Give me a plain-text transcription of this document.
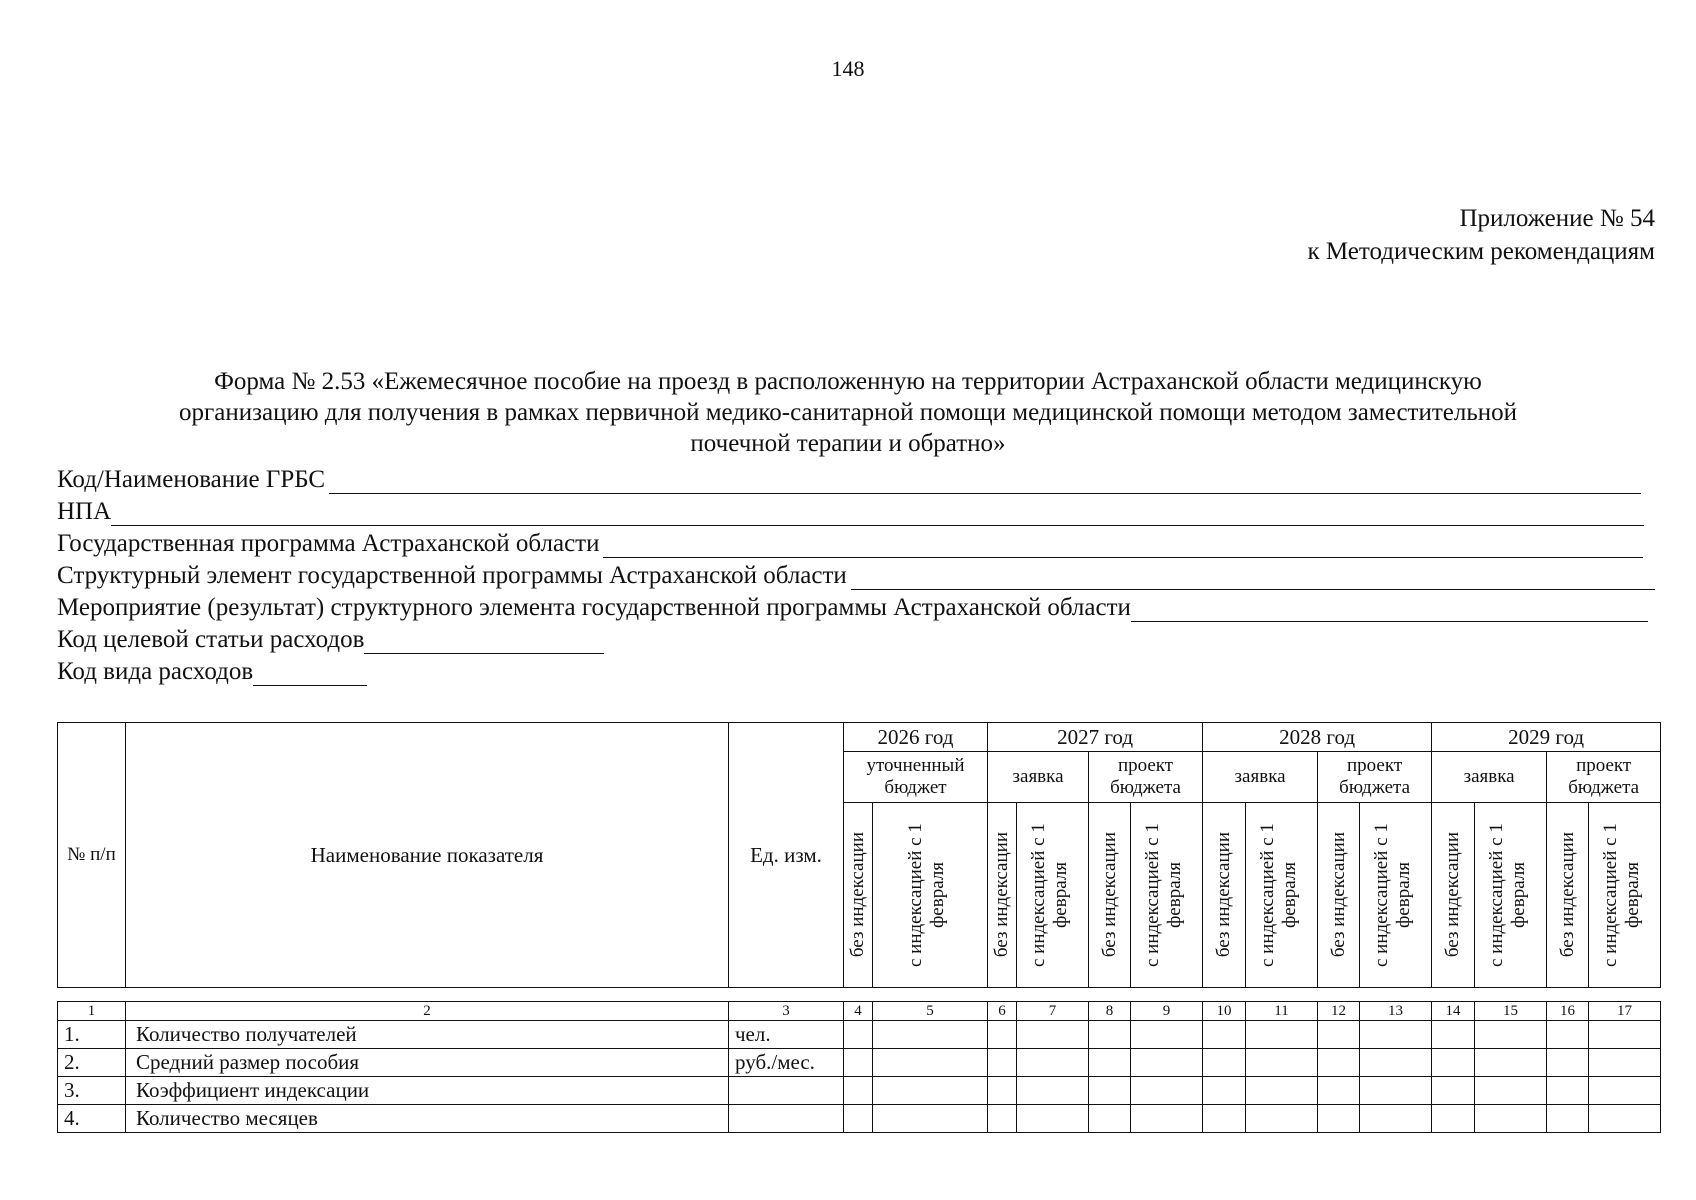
148
Приложение № 54
к Методическим рекомендациям
Форма № 2.53 «Ежемесячное пособие на проезд в расположенную на территории Астраханской области медицинскую
организацию для получения в рамках первичной медико-санитарной помощи медицинской помощи методом заместительной
почечной терапии и обратно»
Код/Наименование ГРБС
НПА
Государственная программа Астраханской области
Структурный элемент государственной программы Астраханской области
Мероприятие (результат) структурного элемента государственной программы Астраханской области
Код целевой статьи расходов
Код вида расходов
№ п/п	Наименование показателя	Ед. изм.	2026 год		2027 год				2028 год				2029 год			
			уточненный бюджет		заявка		проект бюджета		заявка		проект бюджета		заявка		проект бюджета	

			без индексации	с индексацией с 1 февраля	без индексации	с индексацией с 1 февраля	без индексации	с индексацией с 1 февраля	без индексации	с индексацией с 1 февраля	без индексации	с индексацией с 1 февраля	без индексации	с индексацией с 1 февраля	без индексации	с индексацией с 1 февраля
1	2	3	4	5	6	7	8	9	10	11	12	13	14	15	16	17
1.	Количество получателей	чел.														
2.	Средний размер пособия	руб./мес.														
3.	Коэффициент индексации															
4.	Количество месяцев															
